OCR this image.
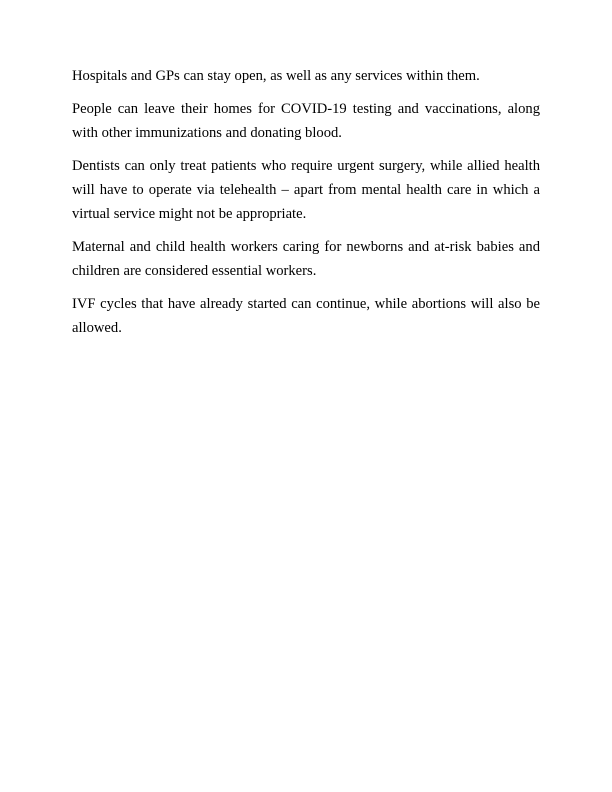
Hospitals and GPs can stay open, as well as any services within them.

People can leave their homes for COVID-19 testing and vaccinations, along with other immunizations and donating blood.

Dentists can only treat patients who require urgent surgery, while allied health will have to operate via telehealth – apart from mental health care in which a virtual service might not be appropriate.

Maternal and child health workers caring for newborns and at-risk babies and children are considered essential workers.

IVF cycles that have already started can continue, while abortions will also be allowed.
